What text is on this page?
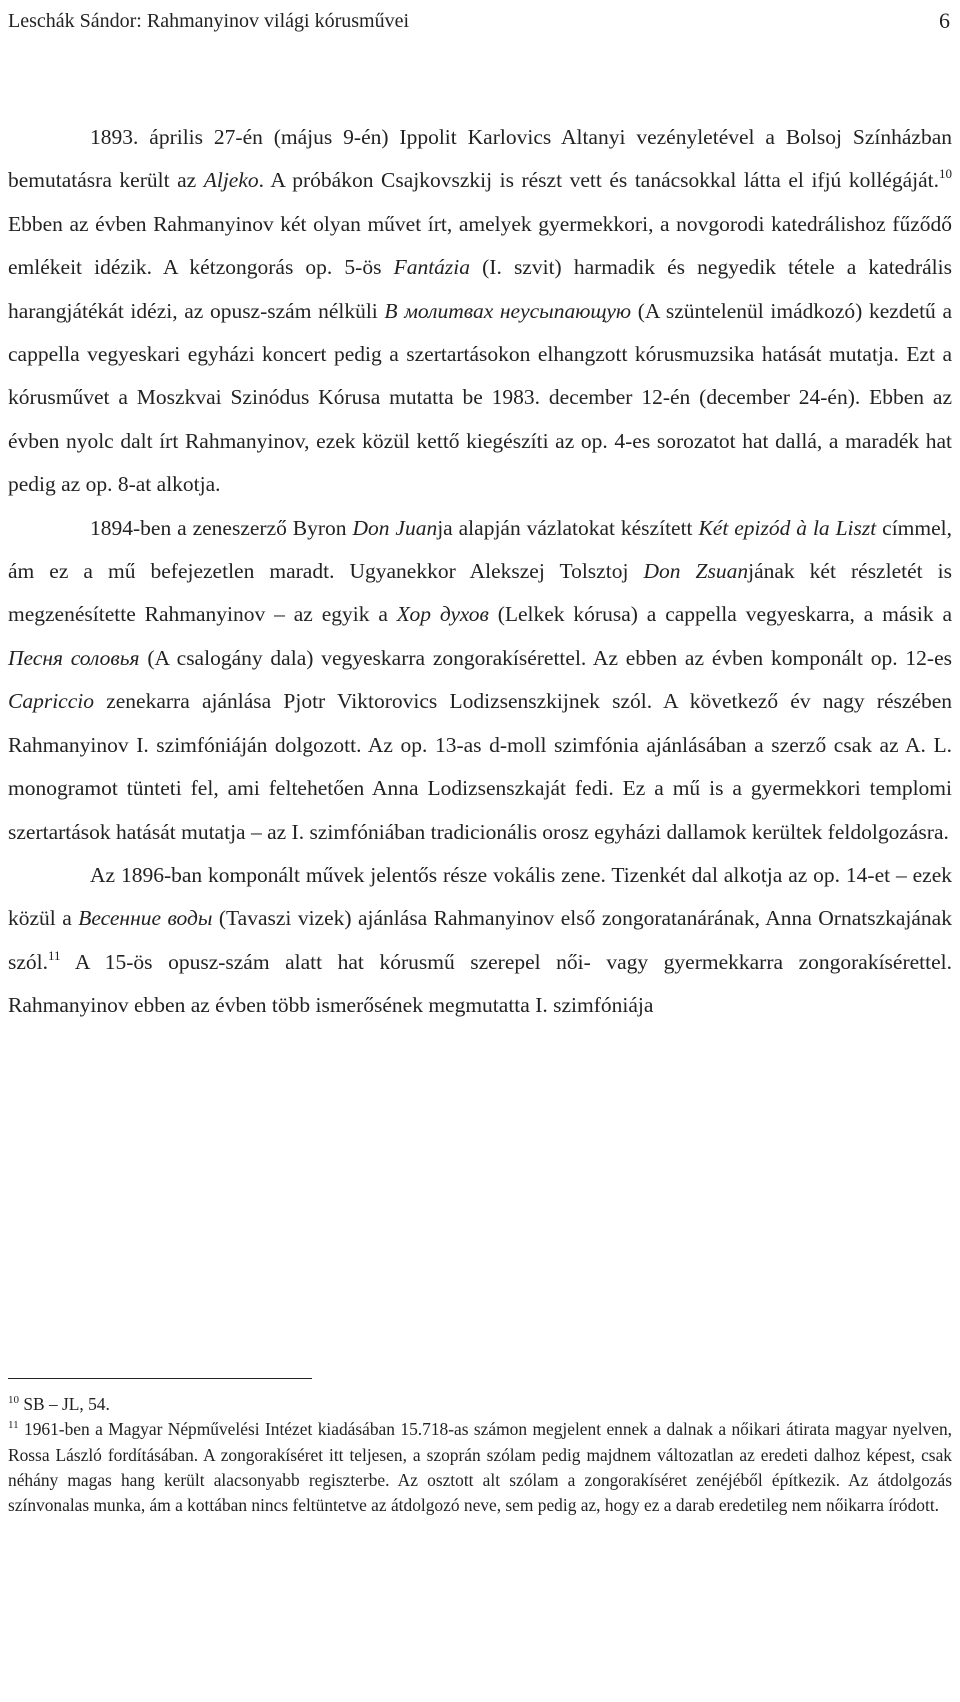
Leschák Sándor: Rahmanyinov világi kórusművei	6

1893. április 27-én (május 9-én) Ippolit Karlovics Altanyi vezényletével a Bolsoj Színházban bemutatásra került az Aljeko. A próbákon Csajkovszkij is részt vett és tanácsokkal látta el ifjú kollégáját.$^{10}$ Ebben az évben Rahmanyinov két olyan művet írt, amelyek gyermekkori, a novgorodi katedrálishoz fűződő emlékeit idézik. A kétzongorás op. 5-ös Fantázia (I. szvit) harmadik és negyedik tétele a katedrális harangjátékát idézi, az opusz-szám nélküli В молитвах неусыпающую (A szüntelenül imádkozó) kezdetű a cappella vegyeskari egyházi koncert pedig a szertartásokon elhangzott kórusmuzsika hatását mutatja. Ezt a kórusművet a Moszkvai Szinódus Kórusa mutatta be 1983. december 12-én (december 24-én). Ebben az évben nyolc dalt írt Rahmanyinov, ezek közül kettő kiegészíti az op. 4-es sorozatot hat dallá, a maradék hat pedig az op. 8-at alkotja.

1894-ben a zeneszerző Byron Don Juanja alapján vázlatokat készített Két epizód à la Liszt címmel, ám ez a mű befejezetlen maradt. Ugyanekkor Alekszej Tolsztoj Don Zsuanjának két részletét is megzenésítette Rahmanyinov – az egyik a Хор духов (Lelkek kórusa) a cappella vegyeskarra, a másik a Песня соловья (A csalogány dala) vegyeskarra zongorakísérettel. Az ebben az évben komponált op. 12-es Capriccio zenekarra ajánlása Pjotr Viktorovics Lodizsenszkijnek szól. A következő év nagy részében Rahmanyinov I. szimfóniáján dolgozott. Az op. 13-as d-moll szimfónia ajánlásában a szerző csak az A. L. monogramot tünteti fel, ami feltehetően Anna Lodizsenszkaját fedi. Ez a mű is a gyermekkori templomi szertartások hatását mutatja – az I. szimfóniában tradicionális orosz egyházi dallamok kerültek feldolgozásra.

Az 1896-ban komponált művek jelentős része vokális zene. Tizenkét dal alkotja az op. 14-et – ezek közül a Весенние воды (Tavaszi vizek) ajánlása Rahmanyinov első zongoratanárának, Anna Ornatszkajának szól.$^{11}$ A 15-ös opusz-szám alatt hat kórusmű szerepel női- vagy gyermekkarra zongorakísérettel. Rahmanyinov ebben az évben több ismerősének megmutatta I. szimfóniája

$^{10}$ SB – JL, 54.

$^{11}$ 1961-ben a Magyar Népművelési Intézet kiadásában 15.718-as számon megjelent ennek a dalnak a nőikari átirata magyar nyelven, Rossa László fordításában. A zongorakíséret itt teljesen, a szoprán szólam pedig majdnem változatlan az eredeti dalhoz képest, csak néhány magas hang került alacsonyabb regiszterbe. Az osztott alt szólam a zongorakíséret zenéjéből építkezik. Az átdolgozás színvonalas munka, ám a kottában nincs feltüntetve az átdolgozó neve, sem pedig az, hogy ez a darab eredetileg nem nőikarra íródott.
